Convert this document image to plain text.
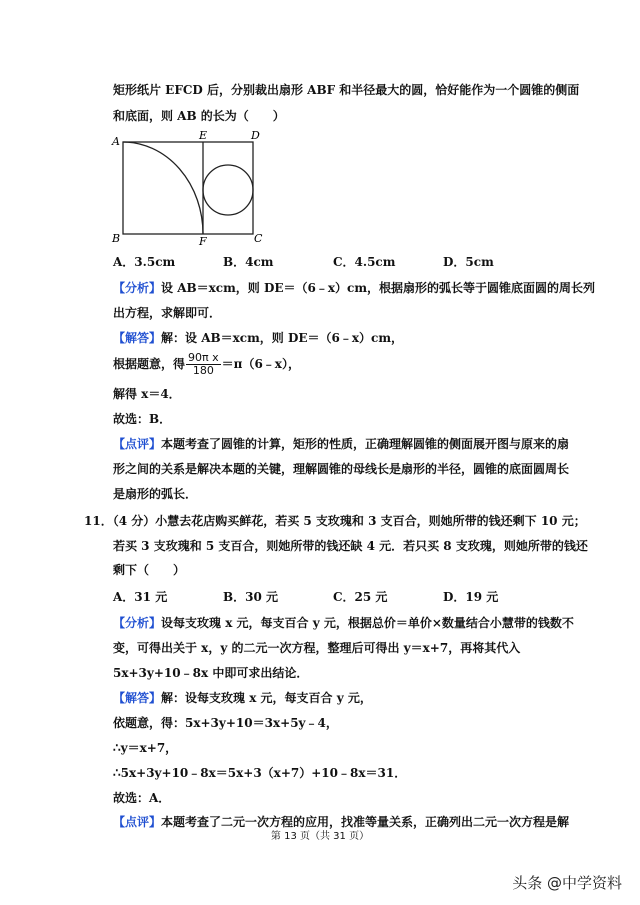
矩形纸片 EFCD 后，分别裁出扇形 ABF 和半径最大的圆，恰好能作为一个圆锥的侧面
和底面，则 AB 的长为（　　）
A	E	D
B	F	C
A．3.5cm	B．4cm	C．4.5cm	D．5cm
【分析】设 AB＝xcm，则 DE＝（6﹣x）cm，根据扇形的弧长等于圆锥底面圆的周长列
出方程，求解即可．
【解答】解：设 AB＝xcm，则 DE＝（6﹣x）cm，
根据题意，得 $\frac{\text{90π x}}{180}$ ＝π（6﹣x），
解得 x＝4．
故选：B．
【点评】本题考查了圆锥的计算，矩形的性质，正确理解圆锥的侧面展开图与原来的扇
形之间的关系是解决本题的关键，理解圆锥的母线长是扇形的半径，圆锥的底面圆周长
是扇形的弧长．
11．（4 分）小慧去花店购买鲜花，若买 5 支玫瑰和 3 支百合，则她所带的钱还剩下 10 元；
若买 3 支玫瑰和 5 支百合，则她所带的钱还缺 4 元．若只买 8 支玫瑰，则她所带的钱还
剩下（　　）
A．31 元	B．30 元	C．25 元	D．19 元
【分析】设每支玫瑰 x 元，每支百合 y 元，根据总价＝单价×数量结合小慧带的钱数不
变，可得出关于 x，y 的二元一次方程，整理后可得出 y＝x+7，再将其代入
5x+3y+10﹣8x 中即可求出结论．
【解答】解：设每支玫瑰 x 元，每支百合 y 元，
依题意，得：5x+3y+10＝3x+5y﹣4，
∴y＝x+7，
∴5x+3y+10﹣8x＝5x+3（x+7）+10﹣8x＝31．
故选：A．
【点评】本题考查了二元一次方程的应用，找准等量关系，正确列出二元一次方程是解
第 13 页（共 31 页）
头条 @中学资料
